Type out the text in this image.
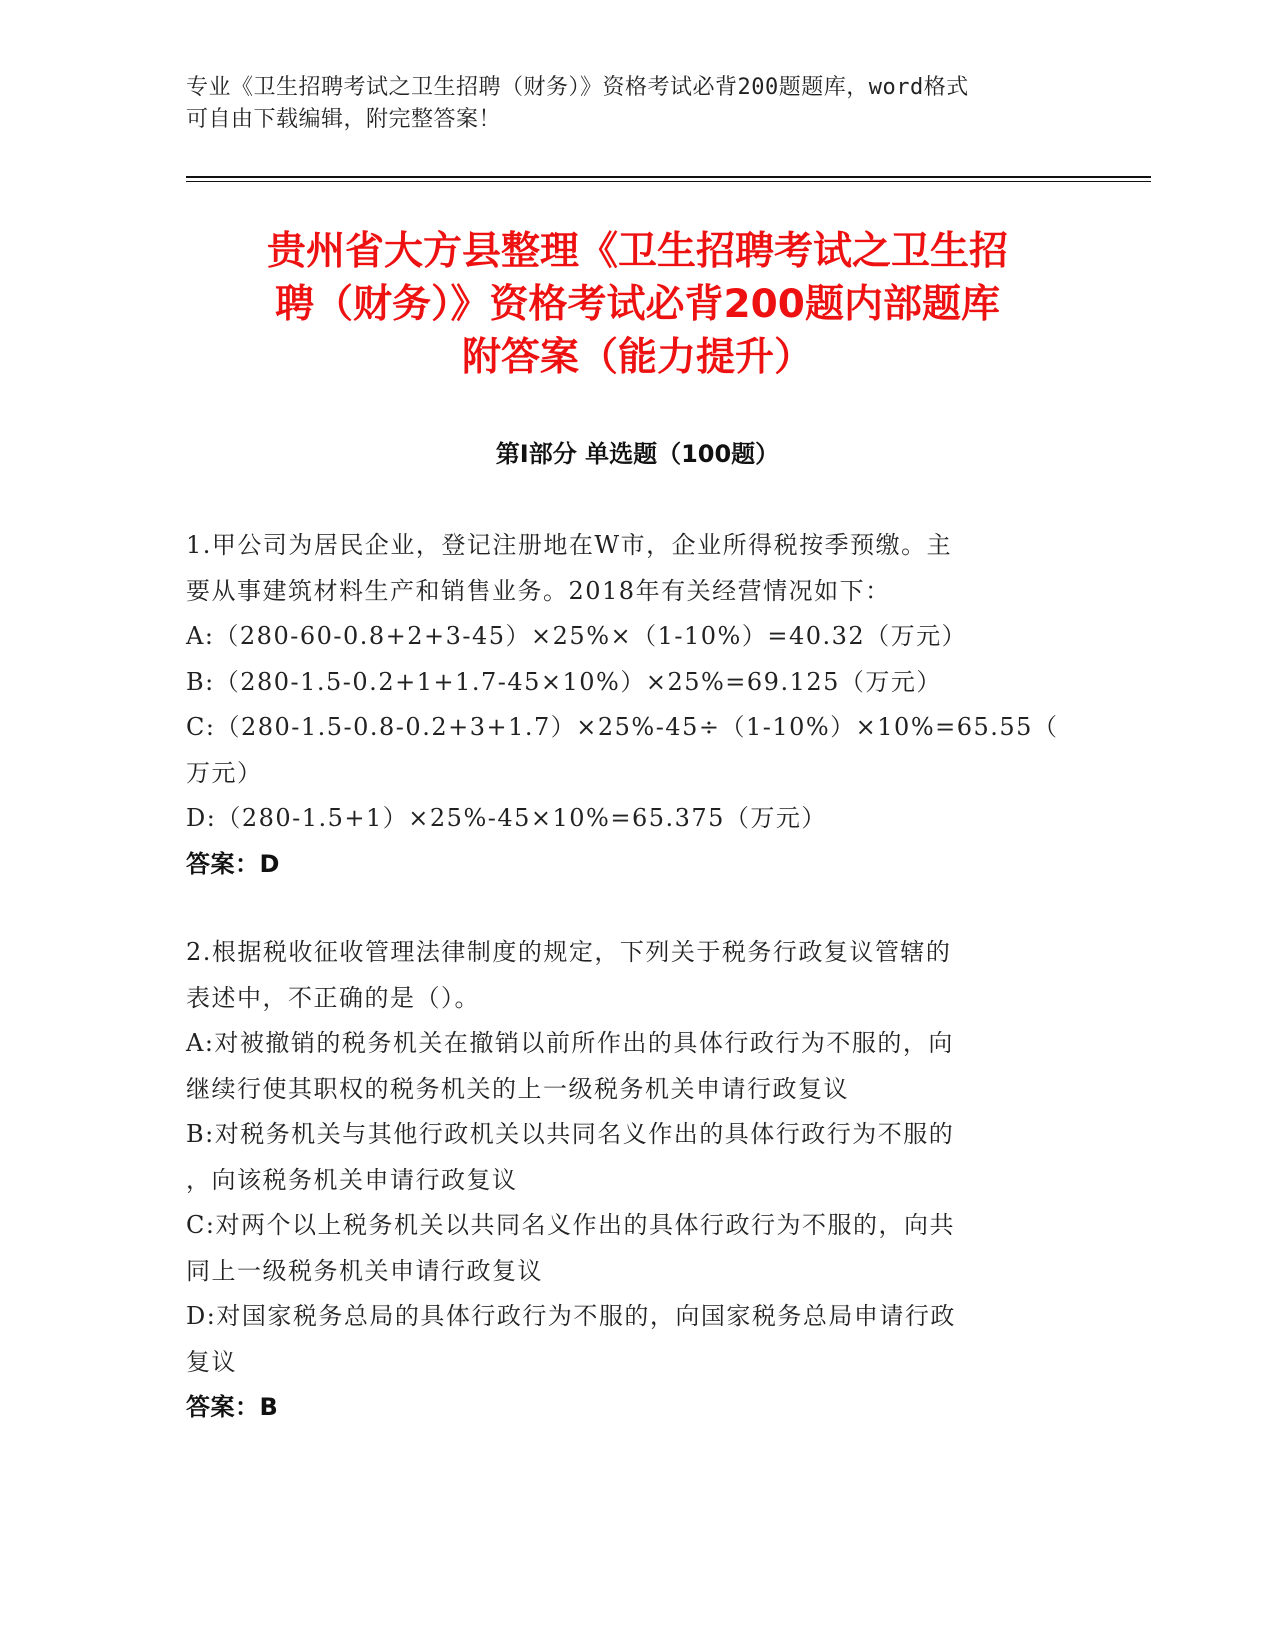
专业《卫生招聘考试之卫生招聘（财务）》资格考试必背200题题库，word格式
可自由下载编辑，附完整答案！
贵州省大方县整理《卫生招聘考试之卫生招
聘（财务）》资格考试必背200题内部题库
附答案（能力提升）
第Ⅰ部分 单选题（100题）
1.甲公司为居民企业，登记注册地在W市，企业所得税按季预缴。主
要从事建筑材料生产和销售业务。2018年有关经营情况如下：
A:（280-60-0.8+2+3-45）×25%×（1-10%）=40.32（万元）
B:（280-1.5-0.2+1+1.7-45×10%）×25%=69.125（万元）
C:（280-1.5-0.8-0.2+3+1.7）×25%-45÷（1-10%）×10%=65.55（
万元）
D:（280-1.5+1）×25%-45×10%=65.375（万元）
答案：D
2.根据税收征收管理法律制度的规定，下列关于税务行政复议管辖的
表述中，不正确的是（）。
A:对被撤销的税务机关在撤销以前所作出的具体行政行为不服的，向
继续行使其职权的税务机关的上一级税务机关申请行政复议
B:对税务机关与其他行政机关以共同名义作出的具体行政行为不服的
，向该税务机关申请行政复议
C:对两个以上税务机关以共同名义作出的具体行政行为不服的，向共
同上一级税务机关申请行政复议
D:对国家税务总局的具体行政行为不服的，向国家税务总局申请行政
复议
答案：B
